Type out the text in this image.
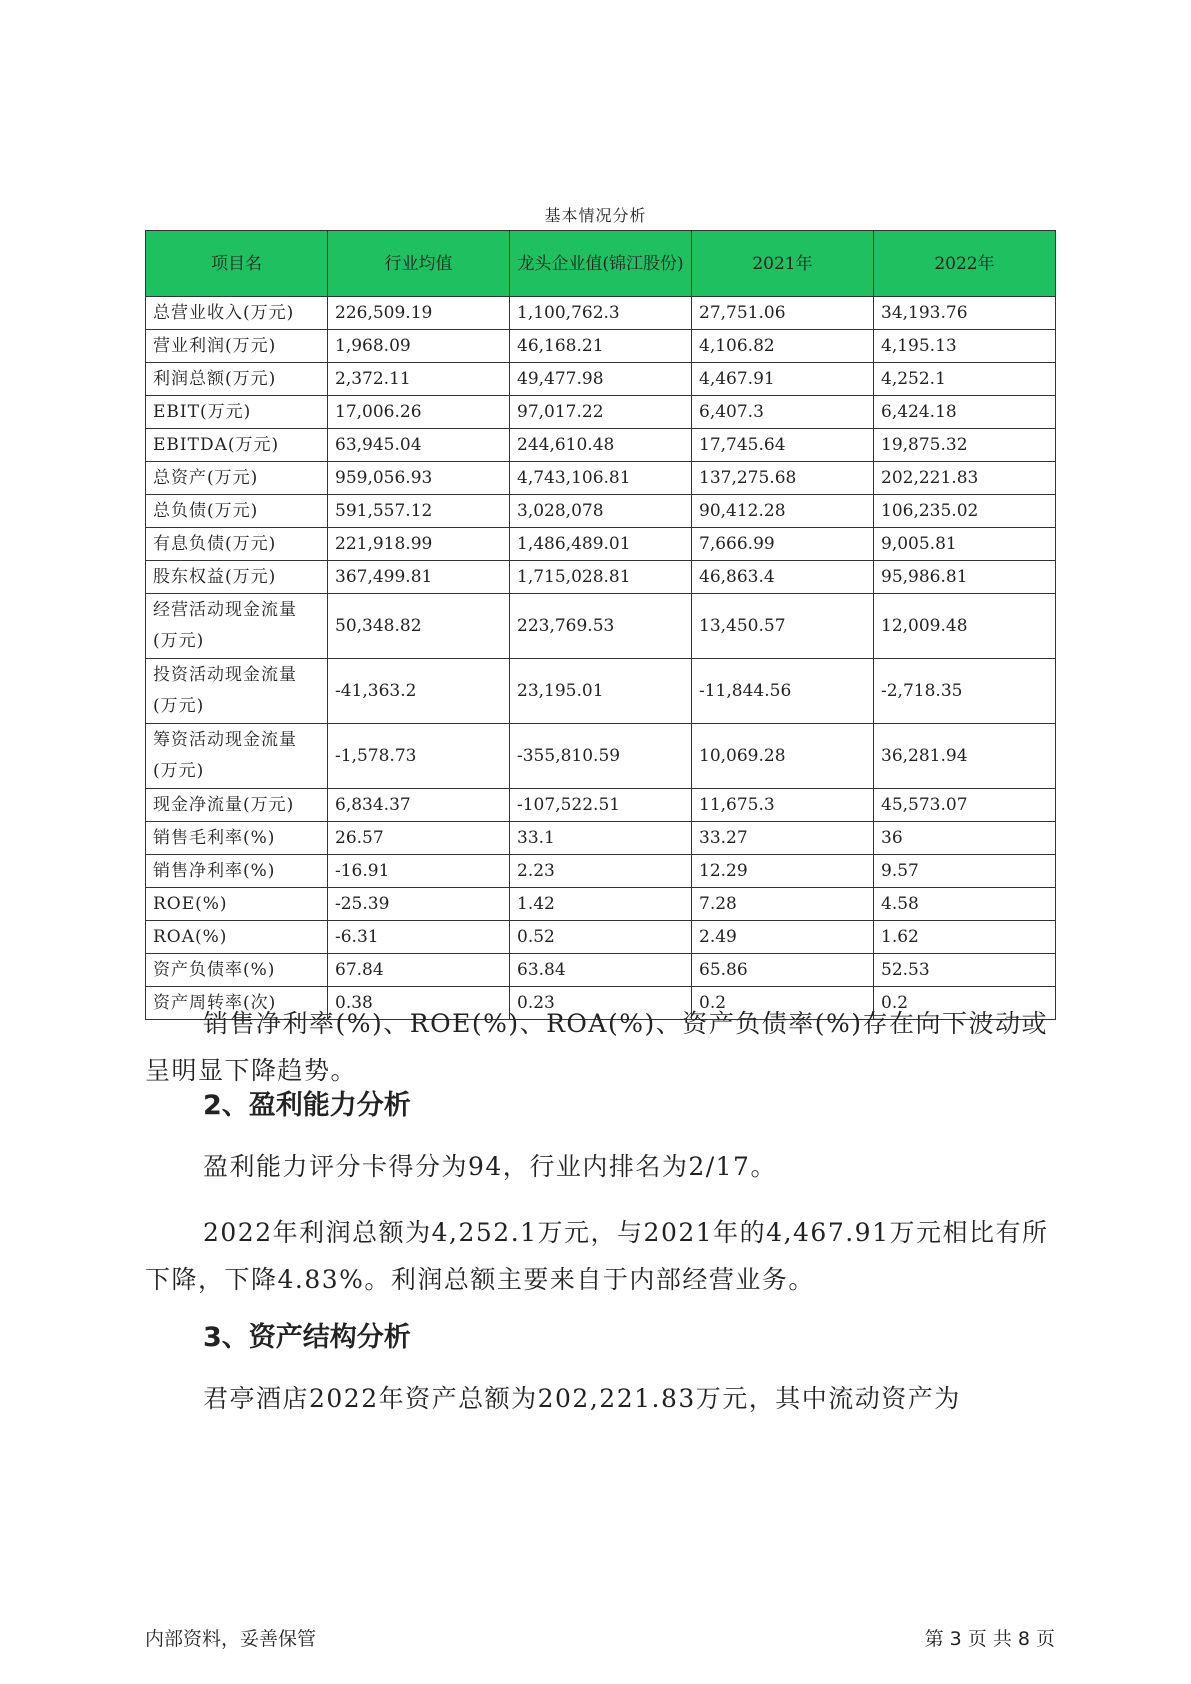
基本情况分析
项目名	行业均值	龙头企业值(锦江股份)	2021年	2022年
总营业收入(万元)	226,509.19	1,100,762.3	27,751.06	34,193.76
营业利润(万元)	1,968.09	46,168.21	4,106.82	4,195.13
利润总额(万元)	2,372.11	49,477.98	4,467.91	4,252.1
EBIT(万元)	17,006.26	97,017.22	6,407.3	6,424.18
EBITDA(万元)	63,945.04	244,610.48	17,745.64	19,875.32
总资产(万元)	959,056.93	4,743,106.81	137,275.68	202,221.83
总负债(万元)	591,557.12	3,028,078	90,412.28	106,235.02
有息负债(万元)	221,918.99	1,486,489.01	7,666.99	9,005.81
股东权益(万元)	367,499.81	1,715,028.81	46,863.4	95,986.81
经营活动现金流量(万元)	50,348.82	223,769.53	13,450.57	12,009.48
投资活动现金流量(万元)	-41,363.2	23,195.01	-11,844.56	-2,718.35
筹资活动现金流量(万元)	-1,578.73	-355,810.59	10,069.28	36,281.94
现金净流量(万元)	6,834.37	-107,522.51	11,675.3	45,573.07
销售毛利率(%)	26.57	33.1	33.27	36
销售净利率(%)	-16.91	2.23	12.29	9.57
ROE(%)	-25.39	1.42	7.28	4.58
ROA(%)	-6.31	0.52	2.49	1.62
资产负债率(%)	67.84	63.84	65.86	52.53
资产周转率(次)	0.38	0.23	0.2	0.2

销售净利率(%)、ROE(%)、ROA(%)、资产负债率(%)存在向下波动或呈明显下降趋势。

2、盈利能力分析

盈利能力评分卡得分为94，行业内排名为2/17。

2022年利润总额为4,252.1万元，与2021年的4,467.91万元相比有所下降，下降4.83%。利润总额主要来自于内部经营业务。

3、资产结构分析

君亭酒店2022年资产总额为202,221.83万元，其中流动资产为

内部资料，妥善保管	第 3 页 共 8 页
